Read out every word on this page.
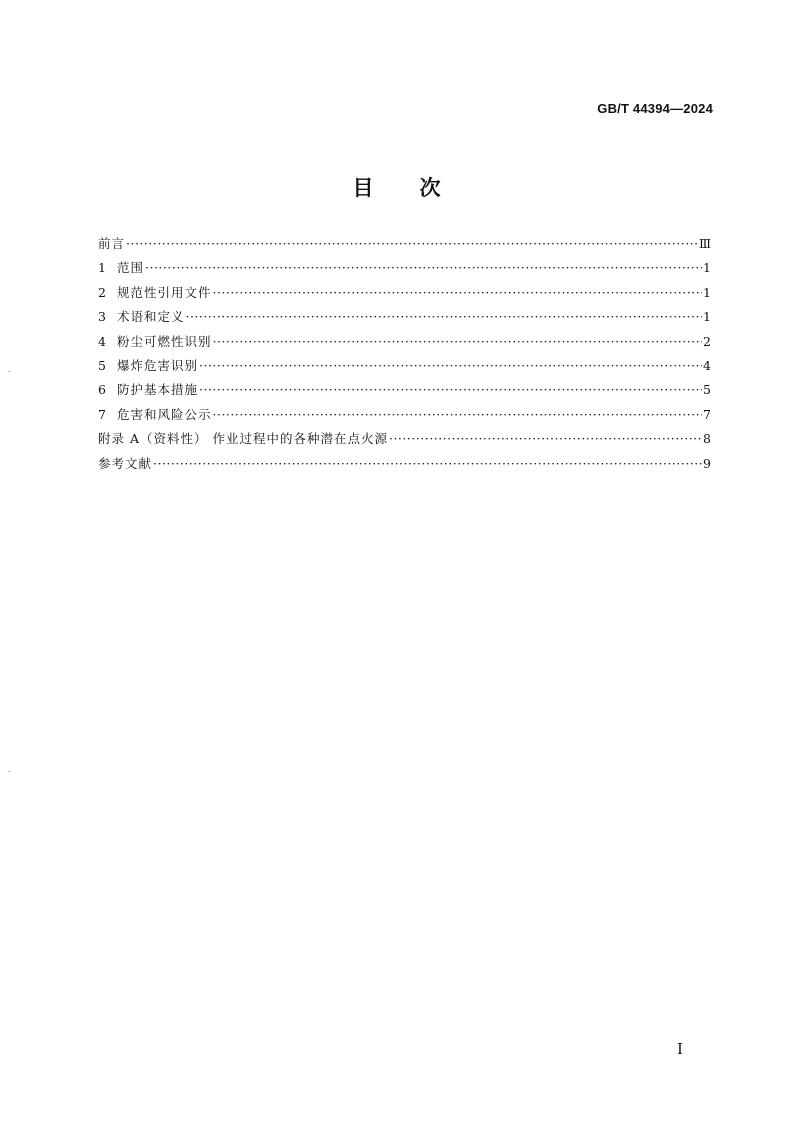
GB/T 44394—2024
目次
前言 ·····	Ⅲ
1 范围 ·····	1
2 规范性引用文件 ·····	1
3 术语和定义 ·····	1
4 粉尘可燃性识别 ·····	2
5 爆炸危害识别 ·····	4
6 防护基本措施 ·····	5
7 危害和风险公示 ·····	7
附录 A（资料性） 作业过程中的各种潜在点火源 ·····	8
参考文献 ·····	9
I
